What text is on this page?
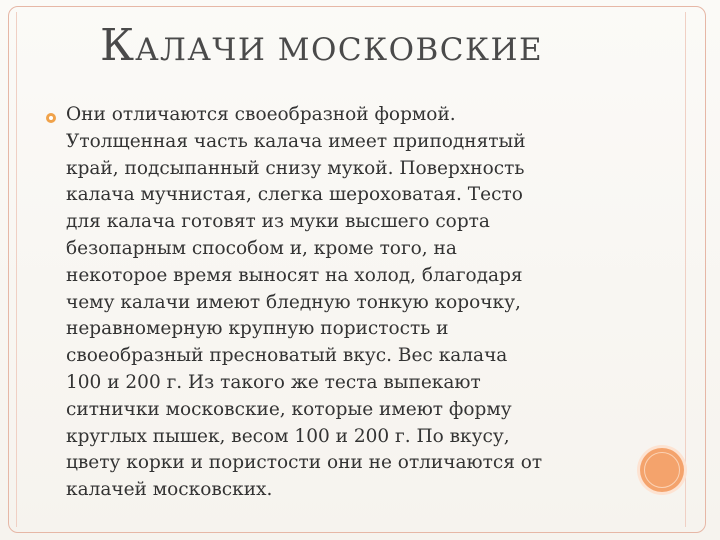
КАЛАЧИ МОСКОВСКИЕ
Они отличаются своеобразной формой.
Утолщенная часть калача имеет приподнятый
край, подсыпанный снизу мукой. Поверхность
калача мучнистая, слегка шероховатая. Тесто
для калача готовят из муки высшего сорта
безопарным способом и, кроме того, на
некоторое время выносят на холод, благодаря
чему калачи имеют бледную тонкую корочку,
неравномерную крупную пористость и
своеобразный пресноватый вкус. Вес калача
100 и 200 г. Из такого же теста выпекают
ситнички московские, которые имеют форму
круглых пышек, весом 100 и 200 г. По вкусу,
цвету корки и пористости они не отличаются от
калачей московских.
